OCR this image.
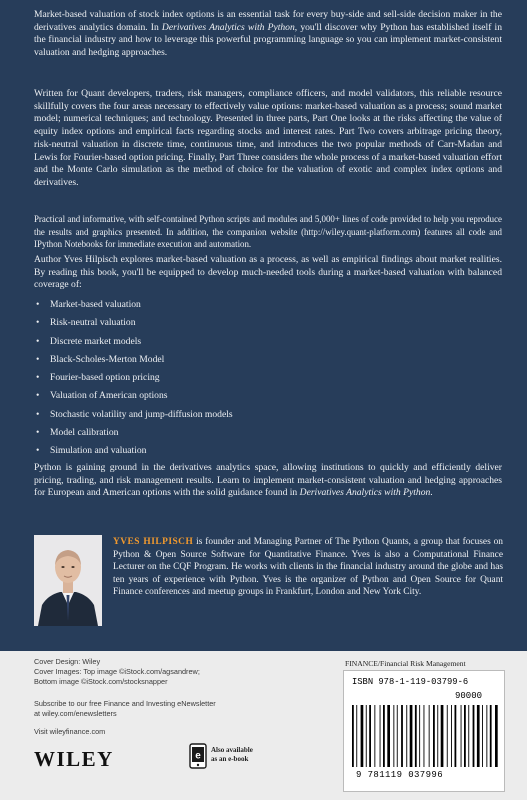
Market-based valuation of stock index options is an essential task for every buy-side and sell-side decision maker in the derivatives analytics domain. In Derivatives Analytics with Python, you'll discover why Python has established itself in the financial industry and how to leverage this powerful programming language so you can implement market-consistent valuation and hedging approaches.

Written for Quant developers, traders, risk managers, compliance officers, and model validators, this reliable resource skillfully covers the four areas necessary to effectively value options: market-based valuation as a process; sound market model; numerical techniques; and technology. Presented in three parts, Part One looks at the risks affecting the value of equity index options and empirical facts regarding stocks and interest rates. Part Two covers arbitrage pricing theory, risk-neutral valuation in discrete time, continuous time, and introduces the two popular methods of Carr-Madan and Lewis for Fourier-based option pricing. Finally, Part Three considers the whole process of a market-based valuation effort and the Monte Carlo simulation as the method of choice for the valuation of exotic and complex index options and derivatives.

Practical and informative, with self-contained Python scripts and modules and 5,000+ lines of code provided to help you reproduce the results and graphics presented. In addition, the companion website (http://wiley.quant-platform.com) features all code and IPython Notebooks for immediate execution and automation.

Author Yves Hilpisch explores market-based valuation as a process, as well as empirical findings about market realities. By reading this book, you'll be equipped to develop much-needed tools during a market-based valuation with balanced coverage of:

• Market-based valuation
• Risk-neutral valuation
• Discrete market models
• Black-Scholes-Merton Model
• Fourier-based option pricing
• Valuation of American options
• Stochastic volatility and jump-diffusion models
• Model calibration
• Simulation and valuation

Python is gaining ground in the derivatives analytics space, allowing institutions to quickly and efficiently deliver pricing, trading, and risk management results. Learn to implement market-consistent valuation and hedging approaches for European and American options with the solid guidance found in Derivatives Analytics with Python.

YVES HILPISCH is founder and Managing Partner of The Python Quants, a group that focuses on Python & Open Source Software for Quantitative Finance. Yves is also a Computational Finance Lecturer on the CQF Program. He works with clients in the financial industry around the globe and has ten years of experience with Python. Yves is the organizer of Python and Open Source for Quant Finance conferences and meetup groups in Frankfurt, London and New York City.

Cover Design: Wiley

Cover Images: Top image ©iStock.com/agsandrew;

Bottom image ©iStock.com/stocksnapper

Subscribe to our free Finance and Investing eNewsletter

at wiley.com/enewsletters

Visit wileyfinance.com

WILEY	e
Also available
as an e-book
FINANCE/Financial Risk Management
ISBN 978-1-119-03799-6
90000
9 781119 037996
